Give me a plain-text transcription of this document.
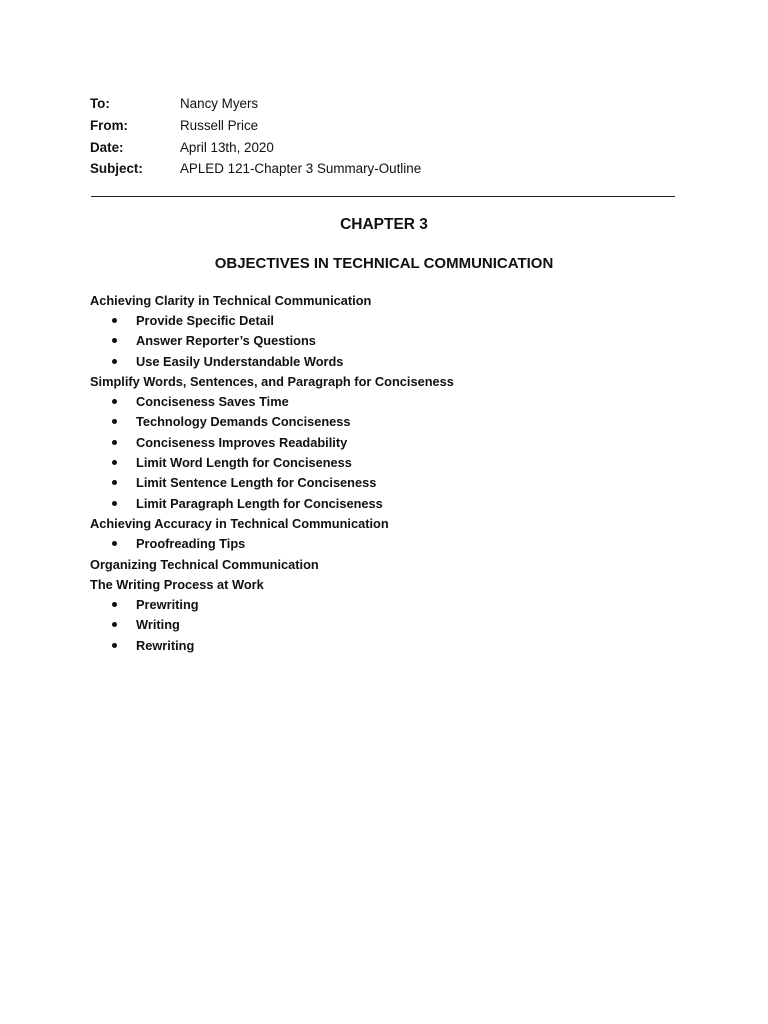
To:	Nancy Myers
From:	Russell Price
Date:	April 13th, 2020
Subject:	APLED 121-Chapter 3 Summary-Outline
CHAPTER 3
OBJECTIVES IN TECHNICAL COMMUNICATION
Achieving Clarity in Technical Communication
Provide Specific Detail
Answer Reporter’s Questions
Use Easily Understandable Words
Simplify Words, Sentences, and Paragraph for Conciseness
Conciseness Saves Time
Technology Demands Conciseness
Conciseness Improves Readability
Limit Word Length for Conciseness
Limit Sentence Length for Conciseness
Limit Paragraph Length for Conciseness
Achieving Accuracy in Technical Communication
Proofreading Tips
Organizing Technical Communication
The Writing Process at Work
Prewriting
Writing
Rewriting
